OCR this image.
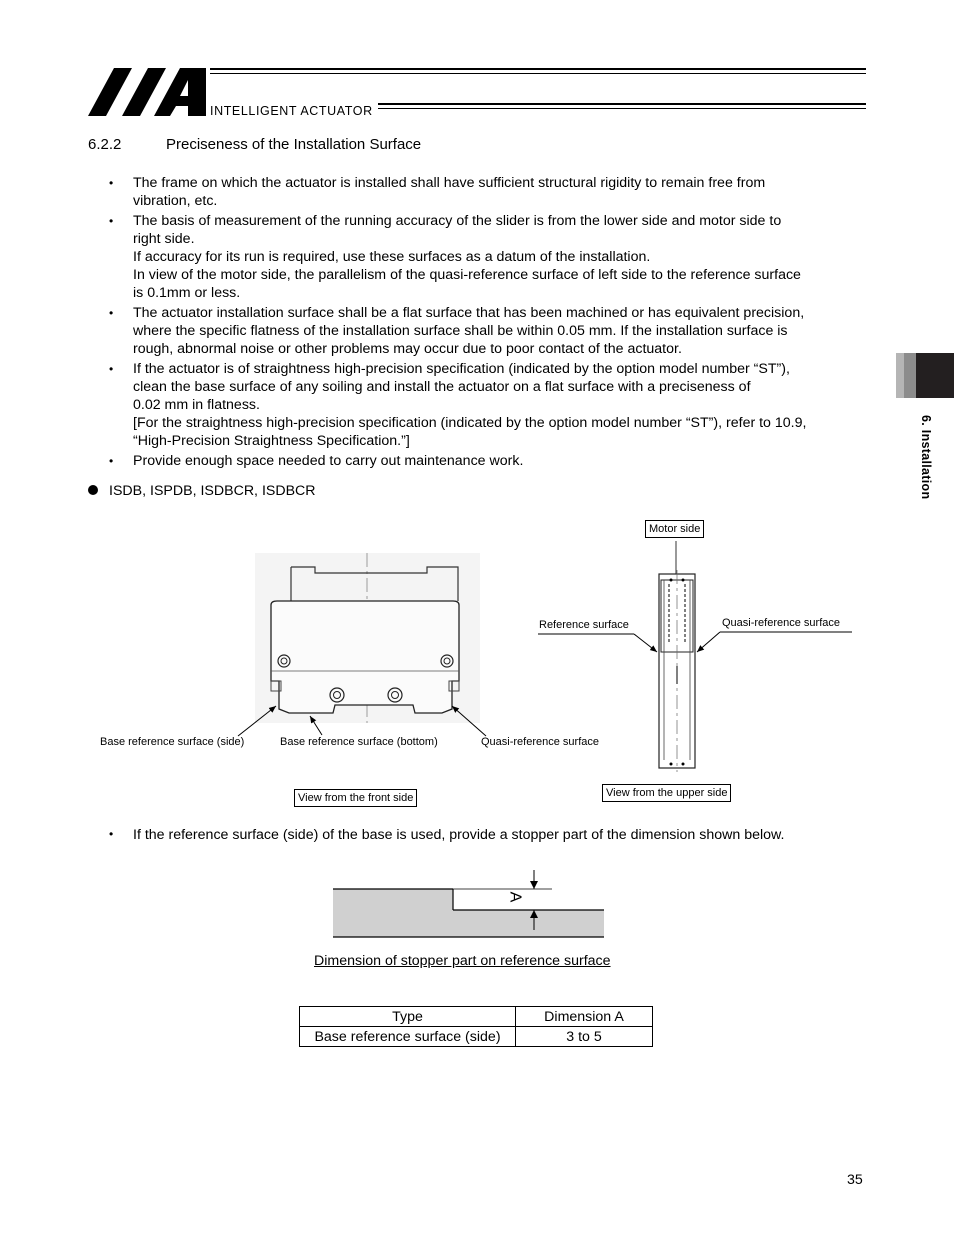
INTELLIGENT ACTUATOR
6.2.2	Preciseness of the Installation Surface
• The frame on which the actuator is installed shall have sufficient structural rigidity to remain free from
vibration, etc.
• The basis of measurement of the running accuracy of the slider is from the lower side and motor side to
right side.
If accuracy for its run is required, use these surfaces as a datum of the installation.
In view of the motor side, the parallelism of the quasi-reference surface of left side to the reference surface
is 0.1mm or less.
• The actuator installation surface shall be a flat surface that has been machined or has equivalent precision,
where the specific flatness of the installation surface shall be within 0.05 mm. If the installation surface is
rough, abnormal noise or other problems may occur due to poor contact of the actuator.
• If the actuator is of straightness high-precision specification (indicated by the option model number “ST”),
clean the base surface of any soiling and install the actuator on a flat surface with a preciseness of
0.02 mm in flatness.
[For the straightness high-precision specification (indicated by the option model number “ST”), refer to 10.9,
“High-Precision Straightness Specification.”]
• Provide enough space needed to carry out maintenance work.
ISDB, ISPDB, ISDBCR, ISDBCR
Base reference surface (side)	Base reference surface (bottom)	Quasi-reference surface
View from the front side
Motor side
Reference surface	Quasi-reference surface
View from the upper side
• If the reference surface (side) of the base is used, provide a stopper part of the dimension shown below.
A
Dimension of stopper part on reference surface
Type	Dimension A
Base reference surface (side)	3 to 5
6. Installation
35
